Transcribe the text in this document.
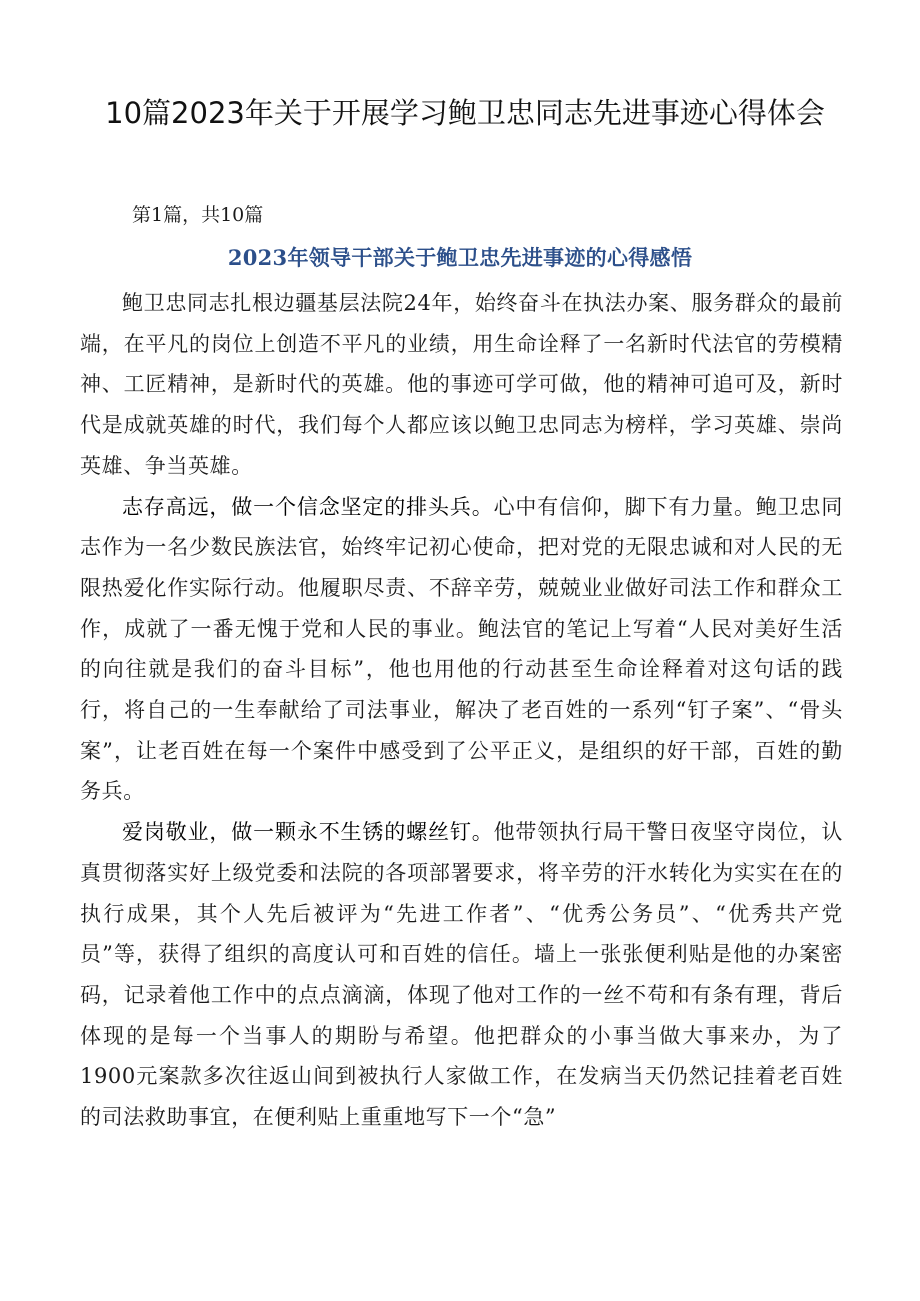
10篇2023年关于开展学习鲍卫忠同志先进事迹心得体会

第1篇，共10篇

2023年领导干部关于鲍卫忠先进事迹的心得感悟

鲍卫忠同志扎根边疆基层法院24年，始终奋斗在执法办案、服务群众的最前端，在平凡的岗位上创造不平凡的业绩，用生命诠释了一名新时代法官的劳模精神、工匠精神，是新时代的英雄。他的事迹可学可做，他的精神可追可及，新时代是成就英雄的时代，我们每个人都应该以鲍卫忠同志为榜样，学习英雄、崇尚英雄、争当英雄。

志存高远，做一个信念坚定的排头兵。心中有信仰，脚下有力量。鲍卫忠同志作为一名少数民族法官，始终牢记初心使命，把对党的无限忠诚和对人民的无限热爱化作实际行动。他履职尽责、不辞辛劳，兢兢业业做好司法工作和群众工作，成就了一番无愧于党和人民的事业。鲍法官的笔记上写着“人民对美好生活的向往就是我们的奋斗目标”，他也用他的行动甚至生命诠释着对这句话的践行，将自己的一生奉献给了司法事业，解决了老百姓的一系列“钉子案”、“骨头案”，让老百姓在每一个案件中感受到了公平正义，是组织的好干部，百姓的勤务兵。

爱岗敬业，做一颗永不生锈的螺丝钉。他带领执行局干警日夜坚守岗位，认真贯彻落实好上级党委和法院的各项部署要求，将辛劳的汗水转化为实实在在的执行成果，其个人先后被评为“先进工作者”、“优秀公务员”、“优秀共产党员”等，获得了组织的高度认可和百姓的信任。墙上一张张便利贴是他的办案密码，记录着他工作中的点点滴滴，体现了他对工作的一丝不苟和有条有理，背后体现的是每一个当事人的期盼与希望。他把群众的小事当做大事来办，为了1900元案款多次往返山间到被执行人家做工作，在发病当天仍然记挂着老百姓的司法救助事宜，在便利贴上重重地写下一个“急”
